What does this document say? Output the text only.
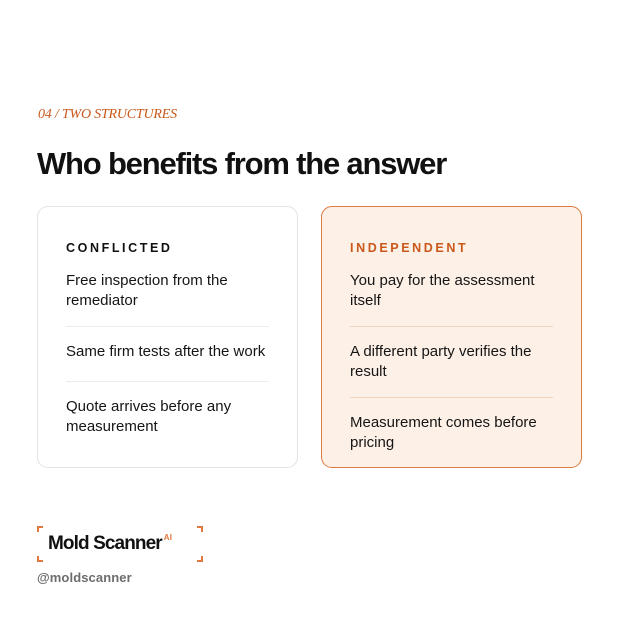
04 / TWO STRUCTURES
Who benefits from the answer
CONFLICTED
Free inspection from the remediator
Same firm tests after the work
Quote arrives before any measurement
INDEPENDENT
You pay for the assessment itself
A different party verifies the result
Measurement comes before pricing
Mold Scanner $^{AI}$
@moldscanner
